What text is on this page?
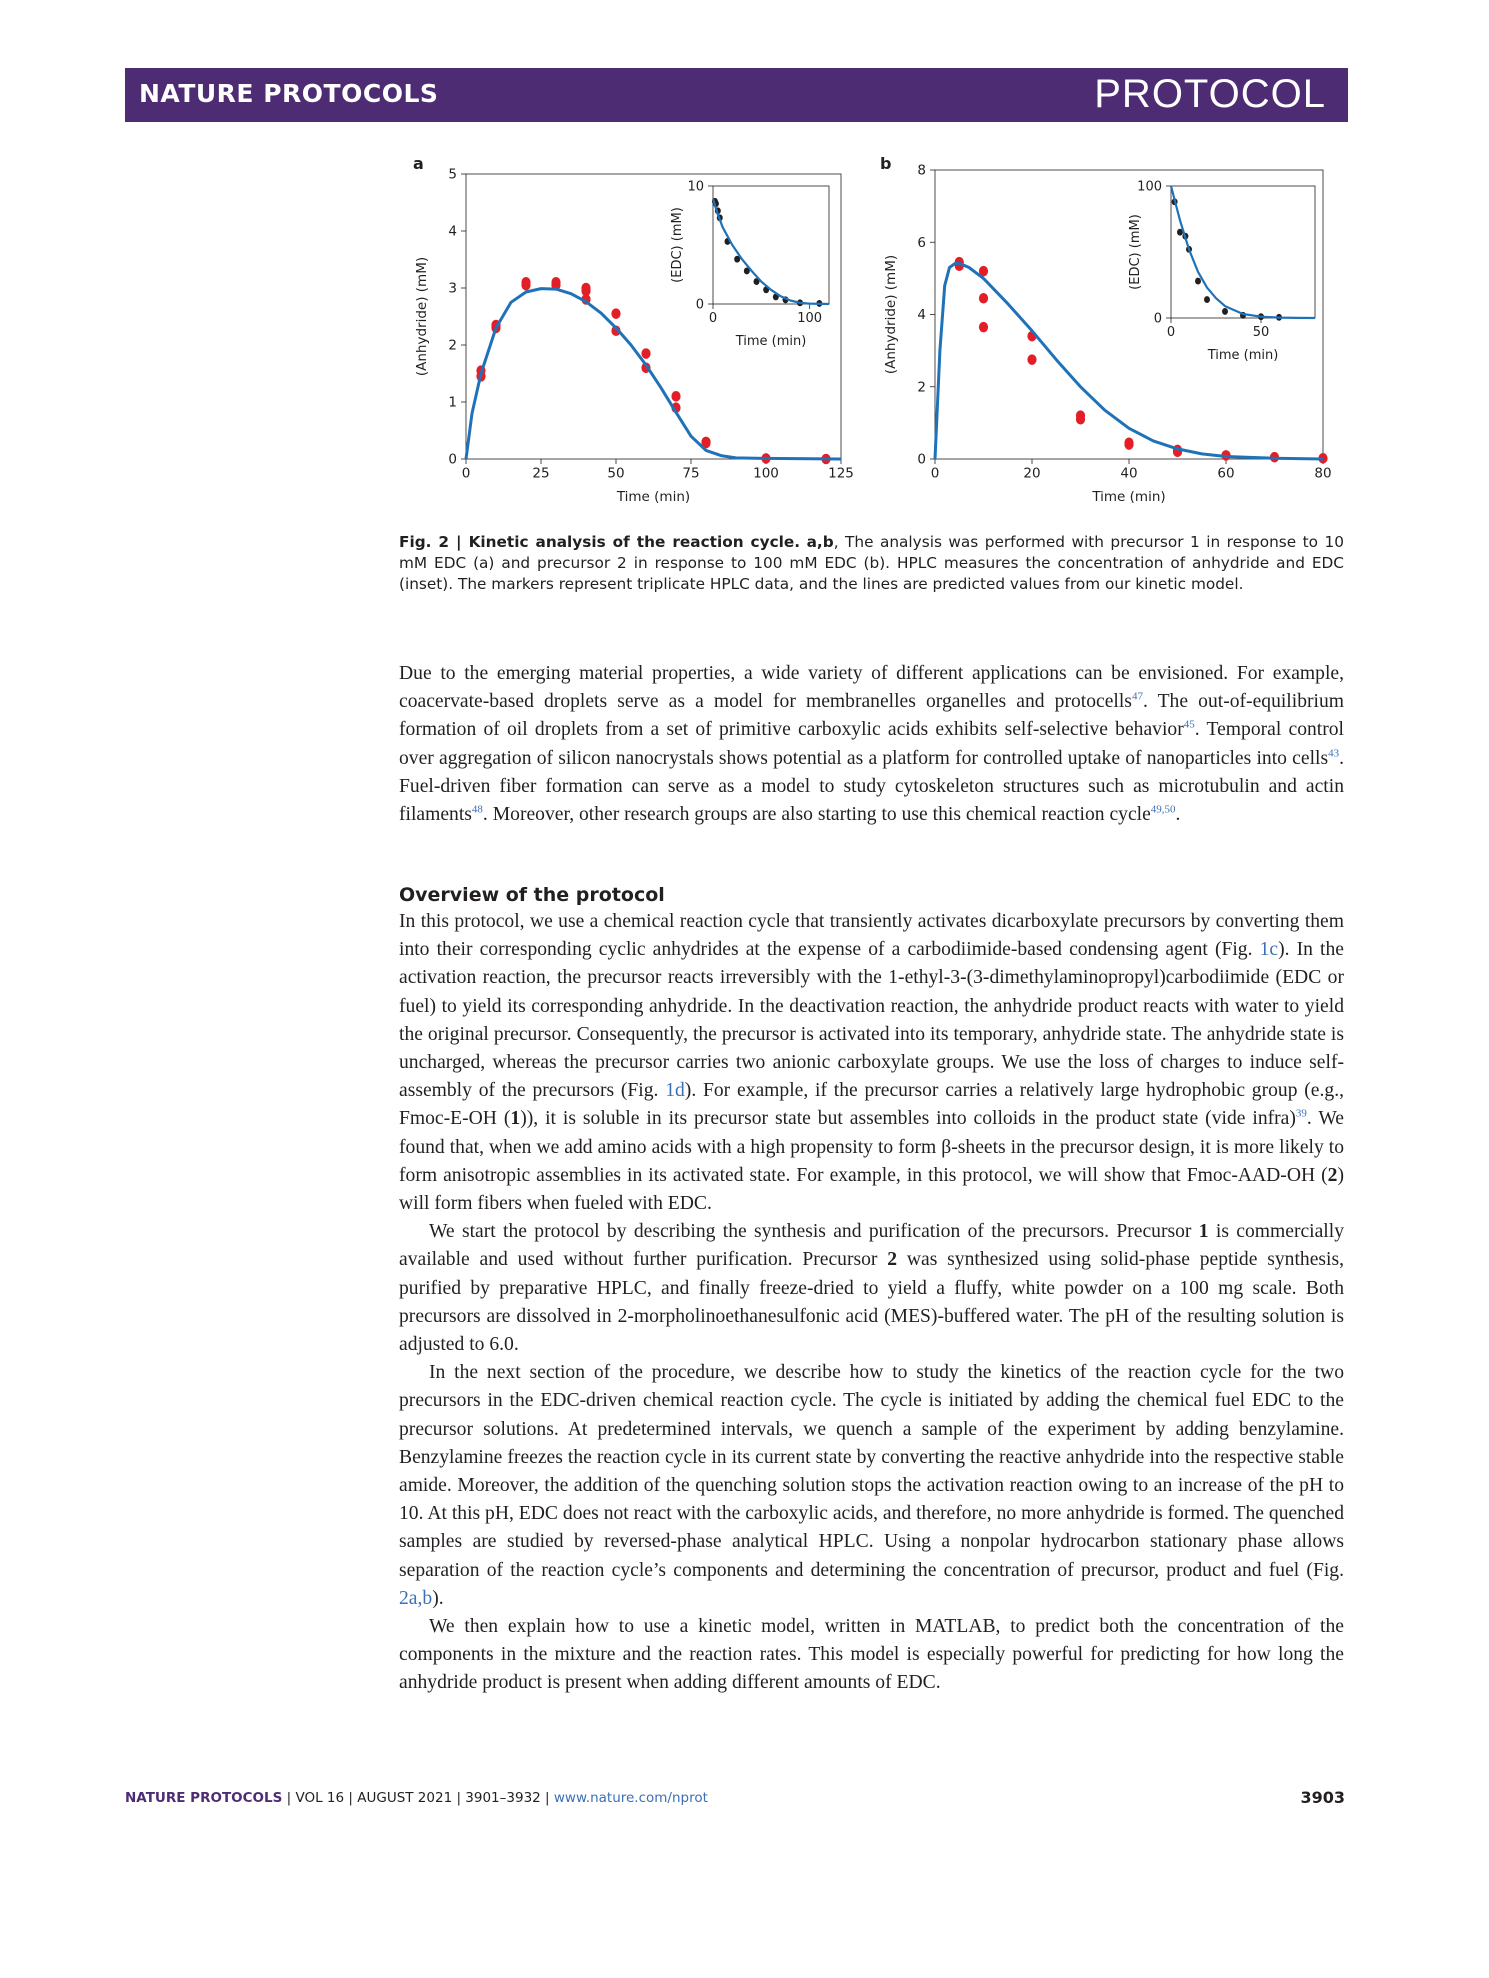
NATURE PROTOCOLS	PROTOCOL
a	b
0	25	50	75	100	125
0
1
2
3
4
5
Time (min)
(Anhydride) (mM)	0	100
0
10
Time (min)
(EDC) (mM)
0	20	40	60	80
0
2
4
6
8
Time (min)
(Anhydride) (mM)	0	50
0
100
Time (min)
(EDC) (mM)
Fig. 2 | Kinetic analysis of the reaction cycle. a,b, The analysis was performed with precursor 1 in response to 10 mM EDC (a) and precursor 2 in response to 100 mM EDC (b). HPLC measures the concentration of anhydride and EDC (inset). The markers represent triplicate HPLC data, and the lines are predicted values from our kinetic model.

Due to the emerging material properties, a wide variety of different applications can be envisioned. For example, coacervate-based droplets serve as a model for membranelles organelles and protocells$^{47}$. The out-of-equilibrium formation of oil droplets from a set of primitive carboxylic acids exhibits self-selective behavior$^{45}$. Temporal control over aggregation of silicon nanocrystals shows potential as a platform for controlled uptake of nanoparticles into cells$^{43}$. Fuel-driven fiber formation can serve as a model to study cytoskeleton structures such as microtubulin and actin filaments$^{48}$. Moreover, other research groups are also starting to use this chemical reaction cycle$^{49,50}$.

Overview of the protocol

In this protocol, we use a chemical reaction cycle that transiently activates dicarboxylate precursors by converting them into their corresponding cyclic anhydrides at the expense of a carbodiimide-based condensing agent (Fig. 1c). In the activation reaction, the precursor reacts irreversibly with the 1-ethyl-3-(3-dimethylaminopropyl)carbodiimide (EDC or fuel) to yield its corresponding anhydride. In the deactivation reaction, the anhydride product reacts with water to yield the original precursor. Consequently, the precursor is activated into its temporary, anhydride state. The anhydride state is uncharged, whereas the precursor carries two anionic carboxylate groups. We use the loss of charges to induce self-assembly of the precursors (Fig. 1d). For example, if the precursor carries a relatively large hydrophobic group (e.g., Fmoc-E-OH (1)), it is soluble in its precursor state but assembles into colloids in the product state (vide infra)$^{39}$. We found that, when we add amino acids with a high propensity to form β-sheets in the precursor design, it is more likely to form anisotropic assemblies in its activated state. For example, in this protocol, we will show that Fmoc-AAD-OH (2) will form fibers when fueled with EDC.

We start the protocol by describing the synthesis and purification of the precursors. Precursor 1 is commercially available and used without further purification. Precursor 2 was synthesized using solid-phase peptide synthesis, purified by preparative HPLC, and finally freeze-dried to yield a fluffy, white powder on a 100 mg scale. Both precursors are dissolved in 2-morpholinoethanesulfonic acid (MES)-buffered water. The pH of the resulting solution is adjusted to 6.0.

In the next section of the procedure, we describe how to study the kinetics of the reaction cycle for the two precursors in the EDC-driven chemical reaction cycle. The cycle is initiated by adding the chemical fuel EDC to the precursor solutions. At predetermined intervals, we quench a sample of the experiment by adding benzylamine. Benzylamine freezes the reaction cycle in its current state by converting the reactive anhydride into the respective stable amide. Moreover, the addition of the quenching solution stops the activation reaction owing to an increase of the pH to 10. At this pH, EDC does not react with the carboxylic acids, and therefore, no more anhydride is formed. The quenched samples are studied by reversed-phase analytical HPLC. Using a nonpolar hydrocarbon stationary phase allows separation of the reaction cycle’s components and determining the concentration of precursor, product and fuel (Fig. 2a,b).

We then explain how to use a kinetic model, written in MATLAB, to predict both the concentration of the components in the mixture and the reaction rates. This model is especially powerful for predicting for how long the anhydride product is present when adding different amounts of EDC.

NATURE PROTOCOLS | VOL 16 | AUGUST 2021 | 3901–3932 | www.nature.com/nprot	3903
